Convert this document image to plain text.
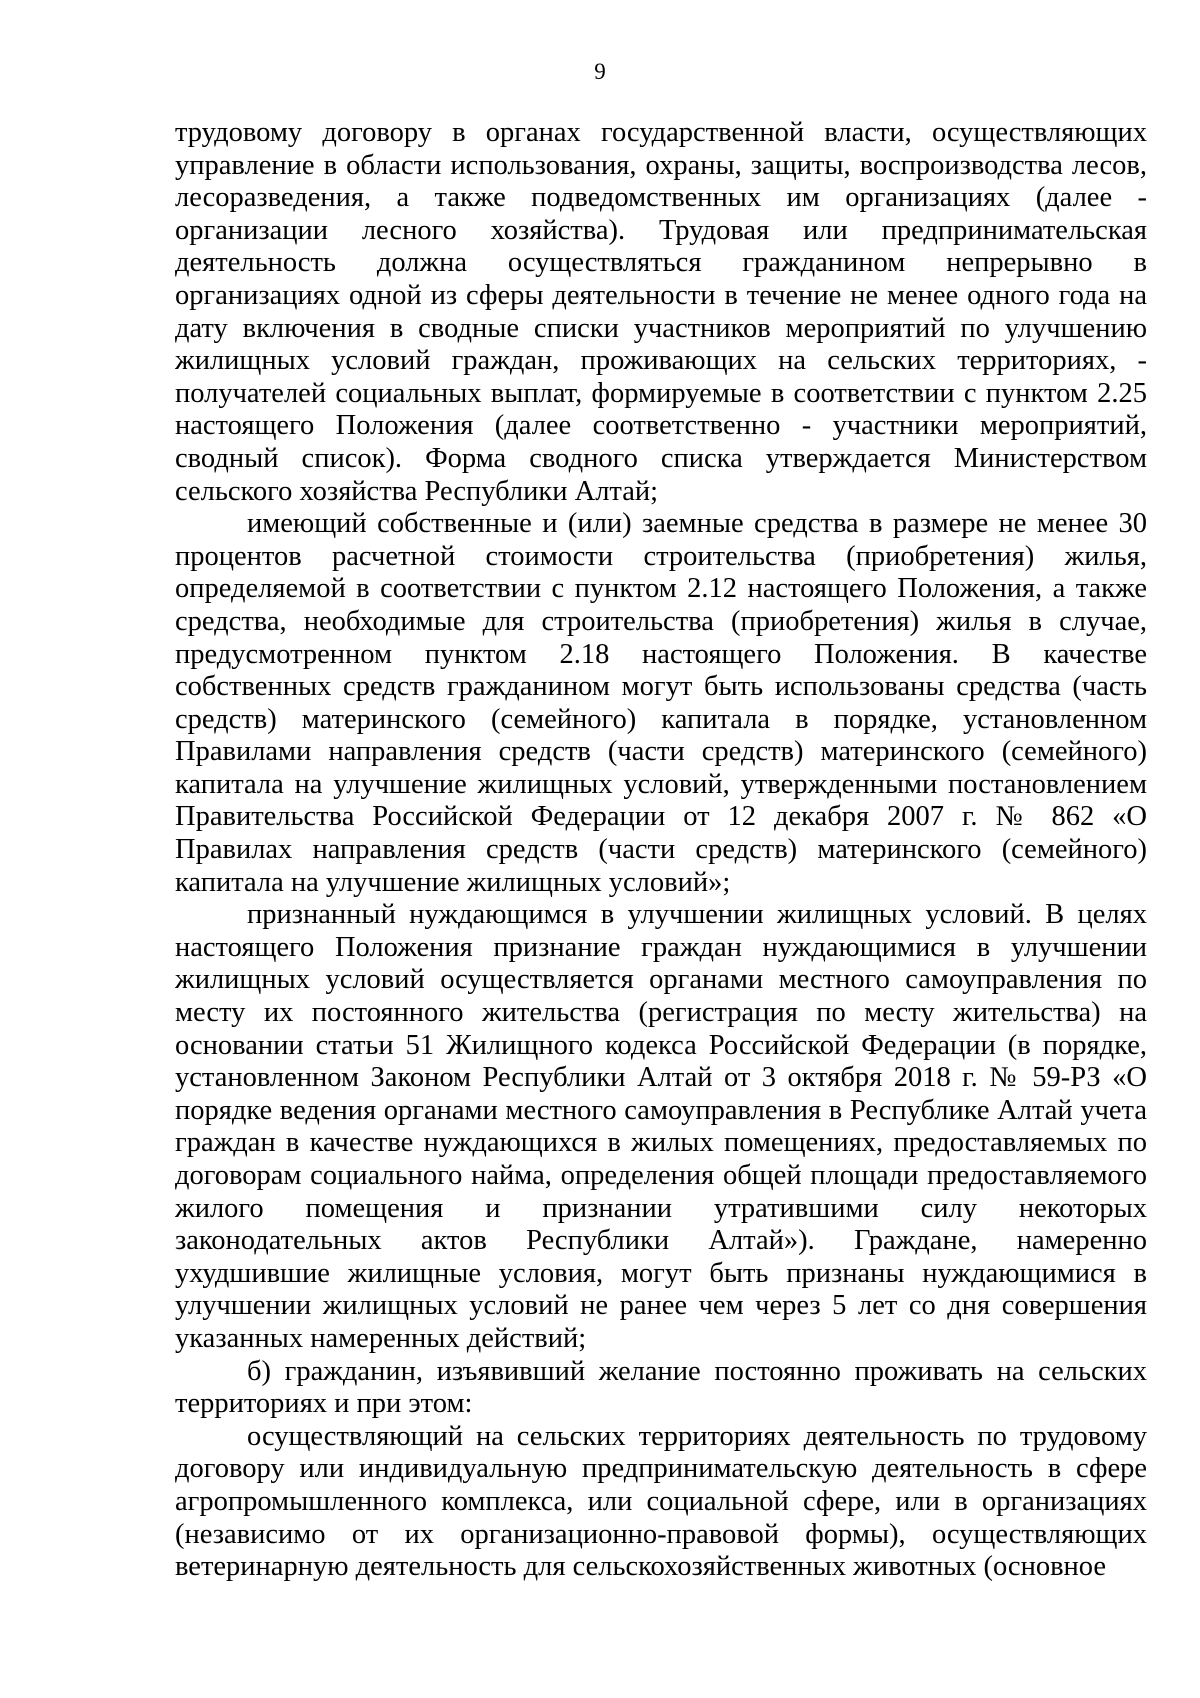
9

трудовому договору в органах государственной власти, осуществляющих управление в области использования, охраны, защиты, воспроизводства лесов, лесоразведения, а также подведомственных им организациях (далее - организации лесного хозяйства). Трудовая или предпринимательская деятельность должна осуществляться гражданином непрерывно в организациях одной из сферы деятельности в течение не менее одного года на дату включения в сводные списки участников мероприятий по улучшению жилищных условий граждан, проживающих на сельских территориях, - получателей социальных выплат, формируемые в соответствии с пунктом 2.25 настоящего Положения (далее соответственно - участники мероприятий, сводный список). Форма сводного списка утверждается Министерством сельского хозяйства Республики Алтай;

имеющий собственные и (или) заемные средства в размере не менее 30 процентов расчетной стоимости строительства (приобретения) жилья, определяемой в соответствии с пунктом 2.12 настоящего Положения, а также средства, необходимые для строительства (приобретения) жилья в случае, предусмотренном пунктом 2.18 настоящего Положения. В качестве собственных средств гражданином могут быть использованы средства (часть средств) материнского (семейного) капитала в порядке, установленном Правилами направления средств (части средств) материнского (семейного) капитала на улучшение жилищных условий, утвержденными постановлением Правительства Российской Федерации от 12 декабря 2007 г. № 862 «О Правилах направления средств (части средств) материнского (семейного) капитала на улучшение жилищных условий»;

признанный нуждающимся в улучшении жилищных условий. В целях настоящего Положения признание граждан нуждающимися в улучшении жилищных условий осуществляется органами местного самоуправления по месту их постоянного жительства (регистрация по месту жительства) на основании статьи 51 Жилищного кодекса Российской Федерации (в порядке, установленном Законом Республики Алтай от 3 октября 2018 г. № 59-РЗ «О порядке ведения органами местного самоуправления в Республике Алтай учета граждан в качестве нуждающихся в жилых помещениях, предоставляемых по договорам социального найма, определения общей площади предоставляемого жилого помещения и признании утратившими силу некоторых законодательных актов Республики Алтай»). Граждане, намеренно ухудшившие жилищные условия, могут быть признаны нуждающимися в улучшении жилищных условий не ранее чем через 5 лет со дня совершения указанных намеренных действий;

б) гражданин, изъявивший желание постоянно проживать на сельских территориях и при этом:

осуществляющий на сельских территориях деятельность по трудовому договору или индивидуальную предпринимательскую деятельность в сфере агропромышленного комплекса, или социальной сфере, или в организациях (независимо от их организационно-правовой формы), осуществляющих ветеринарную деятельность для сельскохозяйственных животных (основное
